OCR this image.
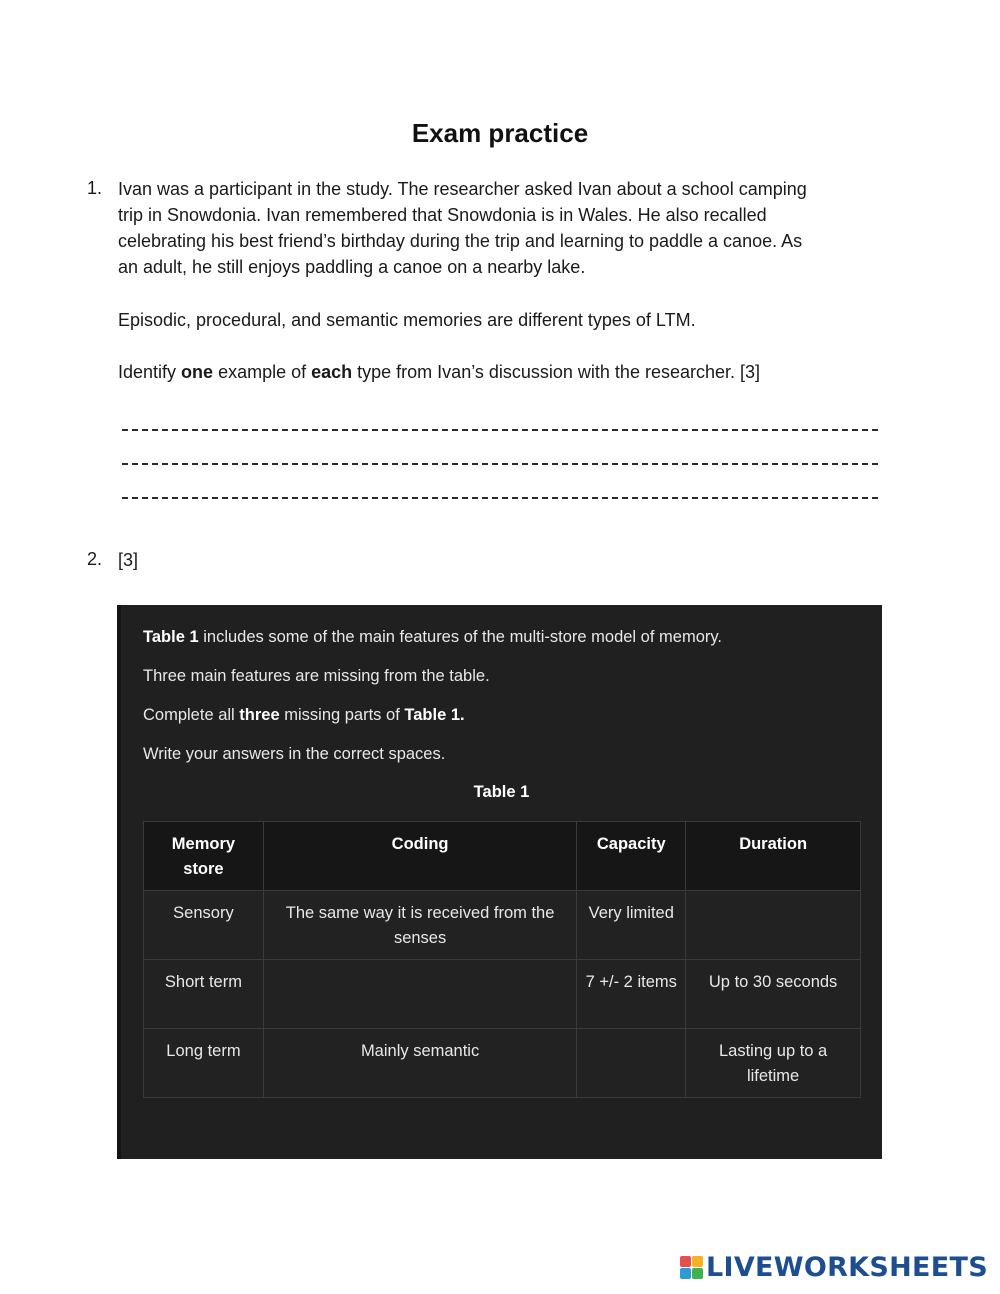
Exam practice
1. Ivan was a participant in the study. The researcher asked Ivan about a school camping
trip in Snowdonia. Ivan remembered that Snowdonia is in Wales. He also recalled
celebrating his best friend’s birthday during the trip and learning to paddle a canoe. As
an adult, he still enjoys paddling a canoe on a nearby lake.
Episodic, procedural, and semantic memories are different types of LTM.
Identify one example of each type from Ivan’s discussion with the researcher. [3]
2. [3]
Table 1 includes some of the main features of the multi-store model of memory.
Three main features are missing from the table.
Complete all three missing parts of Table 1.
Write your answers in the correct spaces.
Table 1
Memory store	Coding	Capacity	Duration
Sensory	The same way it is received from the senses	Very limited	
Short term		7 +/- 2 items	Up to 30 seconds
Long term	Mainly semantic		Lasting up to a lifetime
LIVEWORKSHEETS
